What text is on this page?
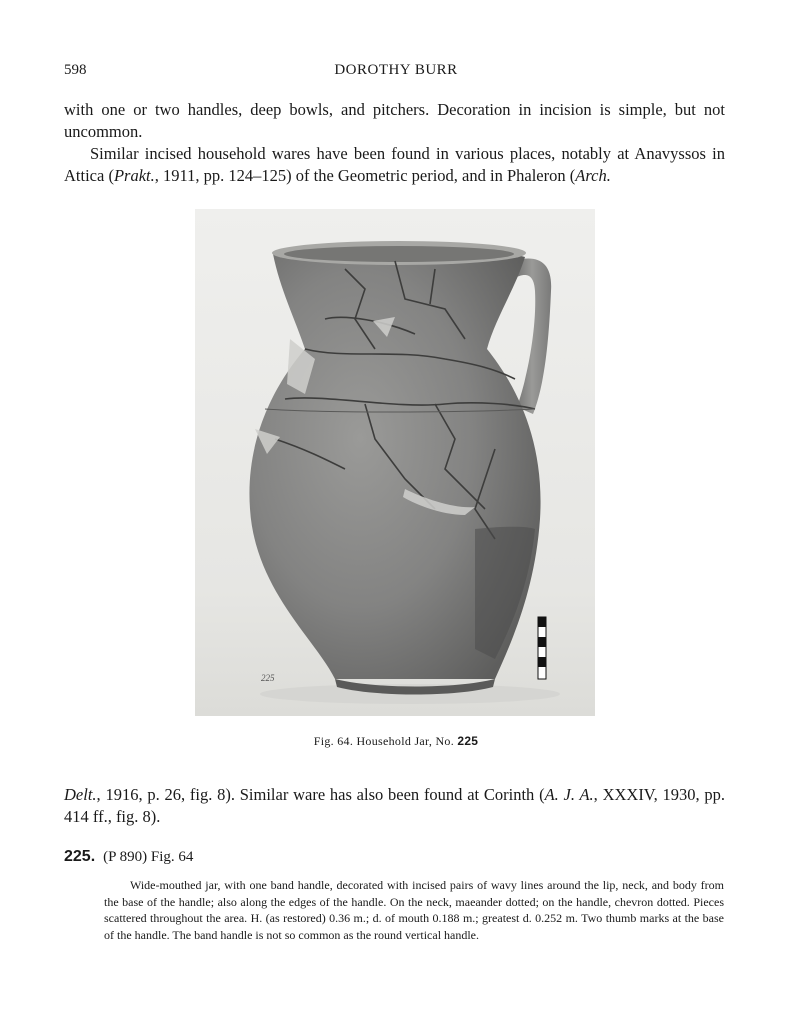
598	DOROTHY BURR

with one or two handles, deep bowls, and pitchers. Decoration in incision is simple, but not uncommon.

Similar incised household wares have been found in various places, notably at Anavyssos in Attica (Prakt., 1911, pp. 124–125) of the Geometric period, and in Phaleron (Arch.

225
Fig. 64. Household Jar, No. 225

Delt., 1916, p. 26, fig. 8). Similar ware has also been found at Corinth (A. J. A., XXXIV, 1930, pp. 414 ff., fig. 8).

225. (P 890) Fig. 64

Wide-mouthed jar, with one band handle, decorated with incised pairs of wavy lines around the lip, neck, and body from the base of the handle; also along the edges of the handle. On the neck, maeander dotted; on the handle, chevron dotted. Pieces scattered throughout the area. H. (as restored) 0.36 m.; d. of mouth 0.188 m.; greatest d. 0.252 m. Two thumb marks at the base of the handle. The band handle is not so common as the round vertical handle.
